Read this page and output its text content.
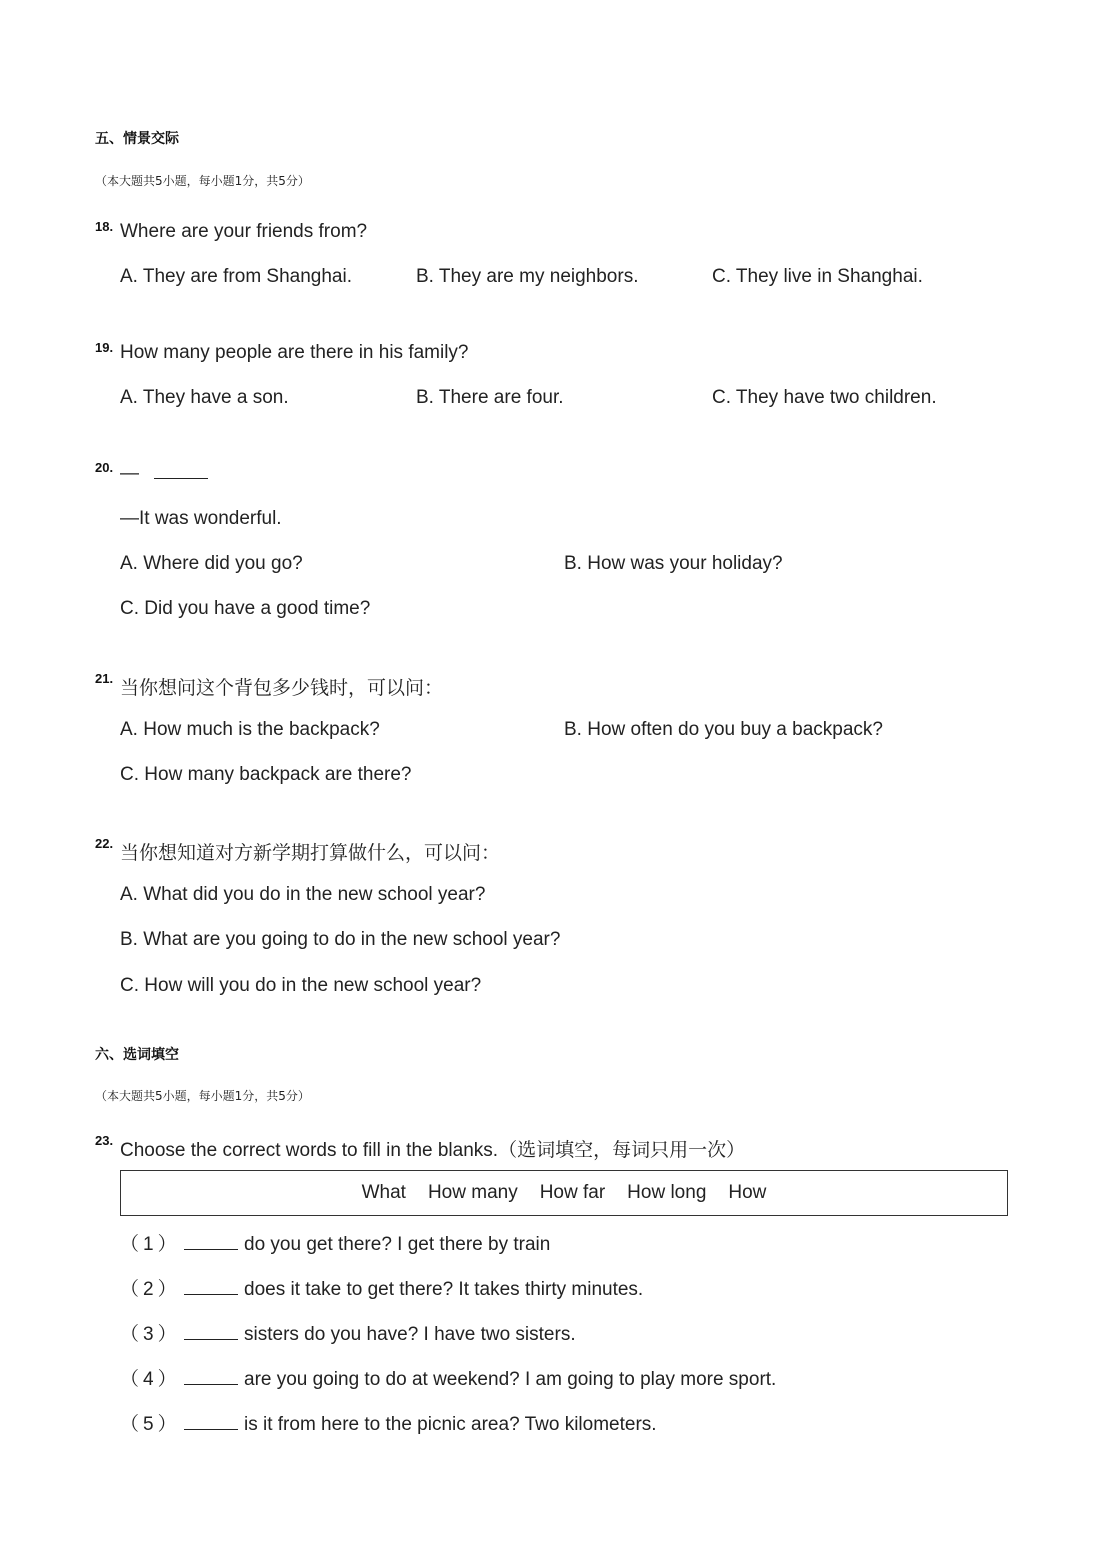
五、情景交际
（本大题共5小题，每小题1分，共5分）
18. Where are your friends from?
A. They are from Shanghai.	B. They are my neighbors.	C. They live in Shanghai.
19. How many people are there in his family?
A. They have a son.	B. There are four.	C. They have two children.
20. —
—It was wonderful.
A. Where did you go?	B. How was your holiday?
C. Did you have a good time?
21. 当你想问这个背包多少钱时，可以问：
A. How much is the backpack?	B. How often do you buy a backpack?
C. How many backpack are there?
22. 当你想知道对方新学期打算做什么，可以问：
A. What did you do in the new school year?
B. What are you going to do in the new school year?
C. How will you do in the new school year?
六、选词填空
（本大题共5小题，每小题1分，共5分）
23. Choose the correct words to fill in the blanks.（选词填空，每词只用一次）
What How many How far How long How
（1）	do you get there? I get there by train
（2）	does it take to get there? It takes thirty minutes.
（3）	sisters do you have? I have two sisters.
（4）	are you going to do at weekend? I am going to play more sport.
（5）	is it from here to the picnic area? Two kilometers.
